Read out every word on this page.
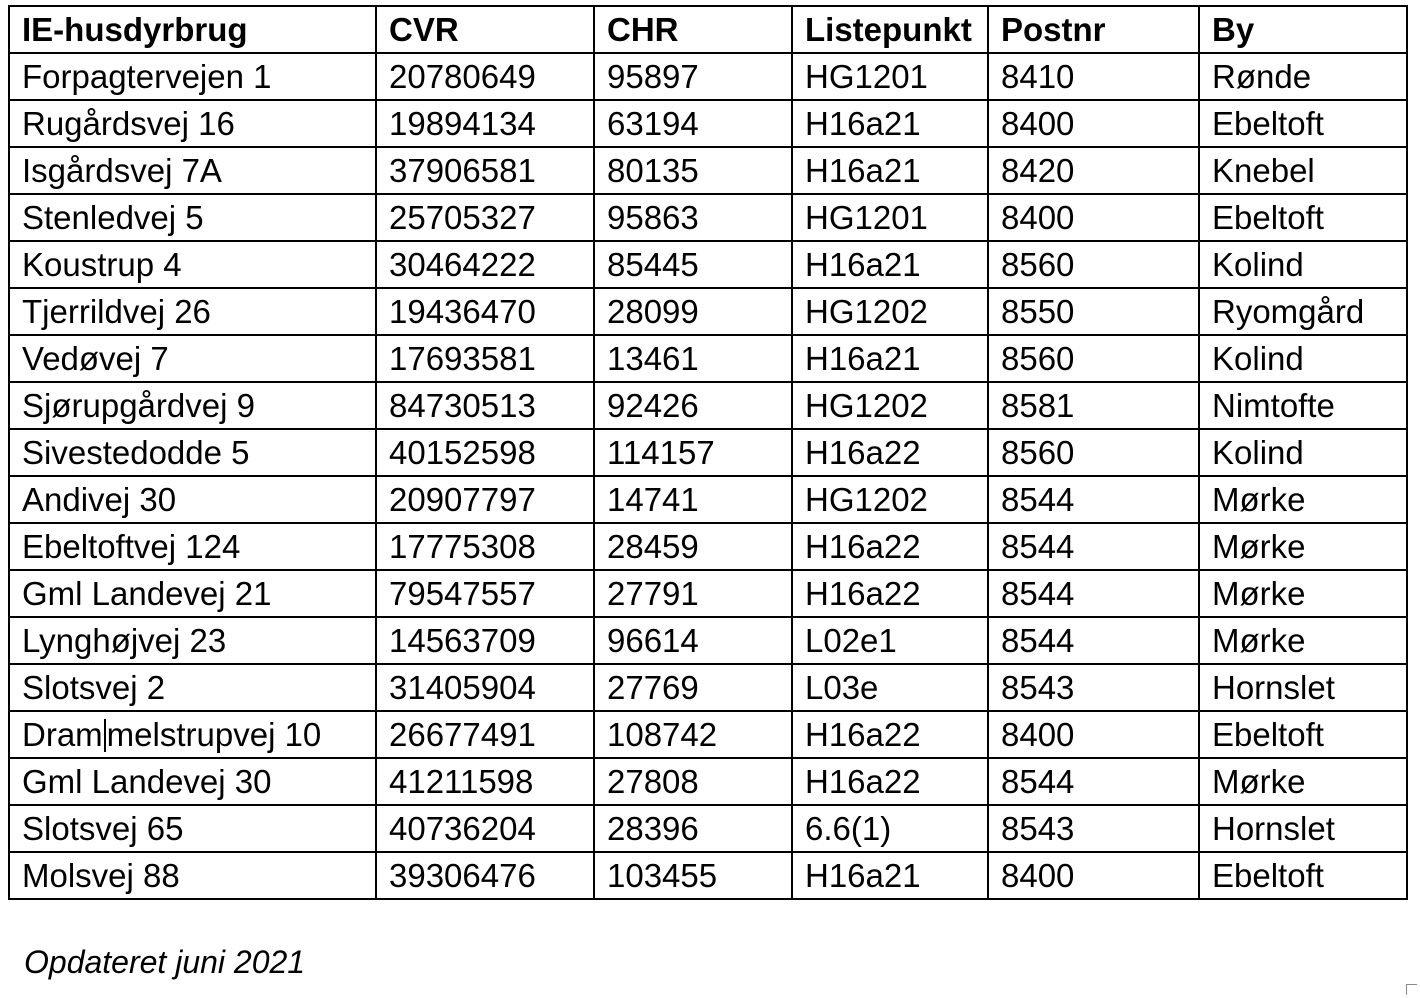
IE-husdyrbrug	CVR	CHR	Listepunkt	Postnr	By
Forpagtervejen 1	20780649	95897	HG1201	8410	Rønde
Rugårdsvej 16	19894134	63194	H16a21	8400	Ebeltoft
Isgårdsvej 7A	37906581	80135	H16a21	8420	Knebel
Stenledvej 5	25705327	95863	HG1201	8400	Ebeltoft
Koustrup 4	30464222	85445	H16a21	8560	Kolind
Tjerrildvej 26	19436470	28099	HG1202	8550	Ryomgård
Vedøvej 7	17693581	13461	H16a21	8560	Kolind
Sjørupgårdvej 9	84730513	92426	HG1202	8581	Nimtofte
Sivestedodde 5	40152598	114157	H16a22	8560	Kolind
Andivej 30	20907797	14741	HG1202	8544	Mørke
Ebeltoftvej 124	17775308	28459	H16a22	8544	Mørke
Gml Landevej 21	79547557	27791	H16a22	8544	Mørke
Lynghøjvej 23	14563709	96614	L02e1	8544	Mørke
Slotsvej 2	31405904	27769	L03e	8543	Hornslet
Dram melstrupvej 10	26677491	108742	H16a22	8400	Ebeltoft
Gml Landevej 30	41211598	27808	H16a22	8544	Mørke
Slotsvej 65	40736204	28396	6.6(1)	8543	Hornslet
Molsvej 88	39306476	103455	H16a21	8400	Ebeltoft
Opdateret juni 2021
